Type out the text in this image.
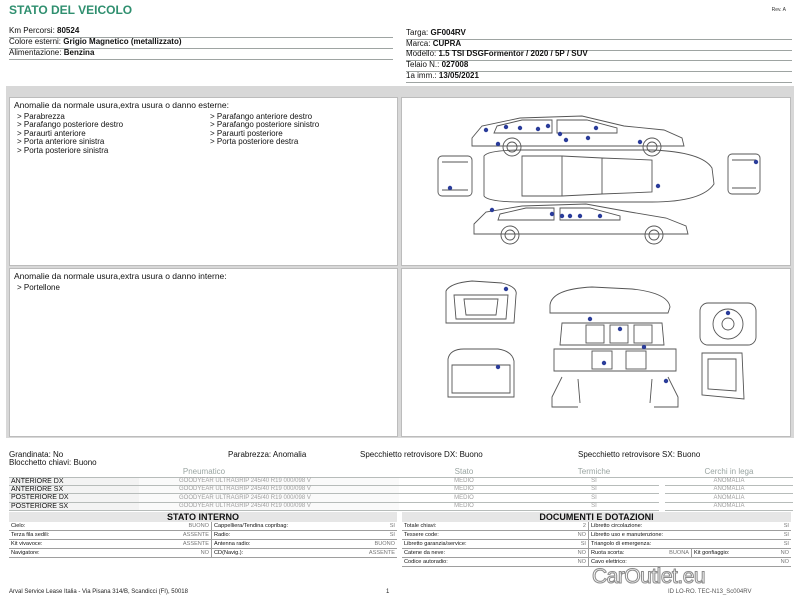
STATO DEL VEICOLO	Rev. A
Km Percorsi: 80524
Colore esterni: Grigio Magnetico (metallizzato)
Alimentazione: Benzina
Targa: GF004RV
Marca: CUPRA
Modello: 1.5 TSI DSGFormentor / 2020 / 5P / SUV
Telaio N.: 027008
1a imm.: 13/05/2021
Anomalie da normale usura,extra usura o danno esterne:
> Parabrezza
> Parafango posteriore destro
> Paraurti anteriore
> Porta anteriore sinistra
> Porta posteriore sinistra
> Parafango anteriore destro
> Parafango posteriore sinistro
> Paraurti posteriore
> Porta posteriore destra
Anomalie da normale usura,extra usura o danno interne:
> Portellone
Grandinata: No	Parabrezza: Anomalia	Specchietto retrovisore DX: Buono	Specchietto retrovisore SX: Buono
Blocchetto chiavi: Buono
Pneumatico		Stato	Termiche		Cerchi in lega
ANTERIORE DX	GOODYEAR ULTRAGRIP 245/40 R19 000/098 V	MEDIO	SI		ANOMALIA
ANTERIORE SX	GOODYEAR ULTRAGRIP 245/40 R19 000/098 V	MEDIO	SI		ANOMALIA
POSTERIORE DX	GOODYEAR ULTRAGRIP 245/40 R19 000/098 V	MEDIO	SI		ANOMALIA
POSTERIORE SX	GOODYEAR ULTRAGRIP 245/40 R19 000/098 V	MEDIO	SI		ANOMALIA
STATO INTERNO	DOCUMENTI E DOTAZIONI
Cielo:	BUONO Cappelliera/Tendina copribag:	SI
Terza fila sedili:	ASSENTE Radio:	SI
Kit vivavoce:	ASSENTE Antenna radio:	BUONO
Navigatore:	NO CD(Navig.):	ASSENTE
Totale chiavi:	2 Libretto circolazione:	SI
Tessere code:	NO Libretto uso e manutenzione:	SI
Libretto garanzia/service:	SI Triangolo di emergenza:	SI
Catene da neve:	NO Ruota scorta:	BUONA Kit gonfiaggio:	NO
Codice autoradio:	NO Cavo elettrico:	NO
Arval Service Lease Italia - Via Pisana 314/B, Scandicci (FI), 50018	1	ID LO-RO. TEC-N13_Sc004RV
CarOutlet.eu
